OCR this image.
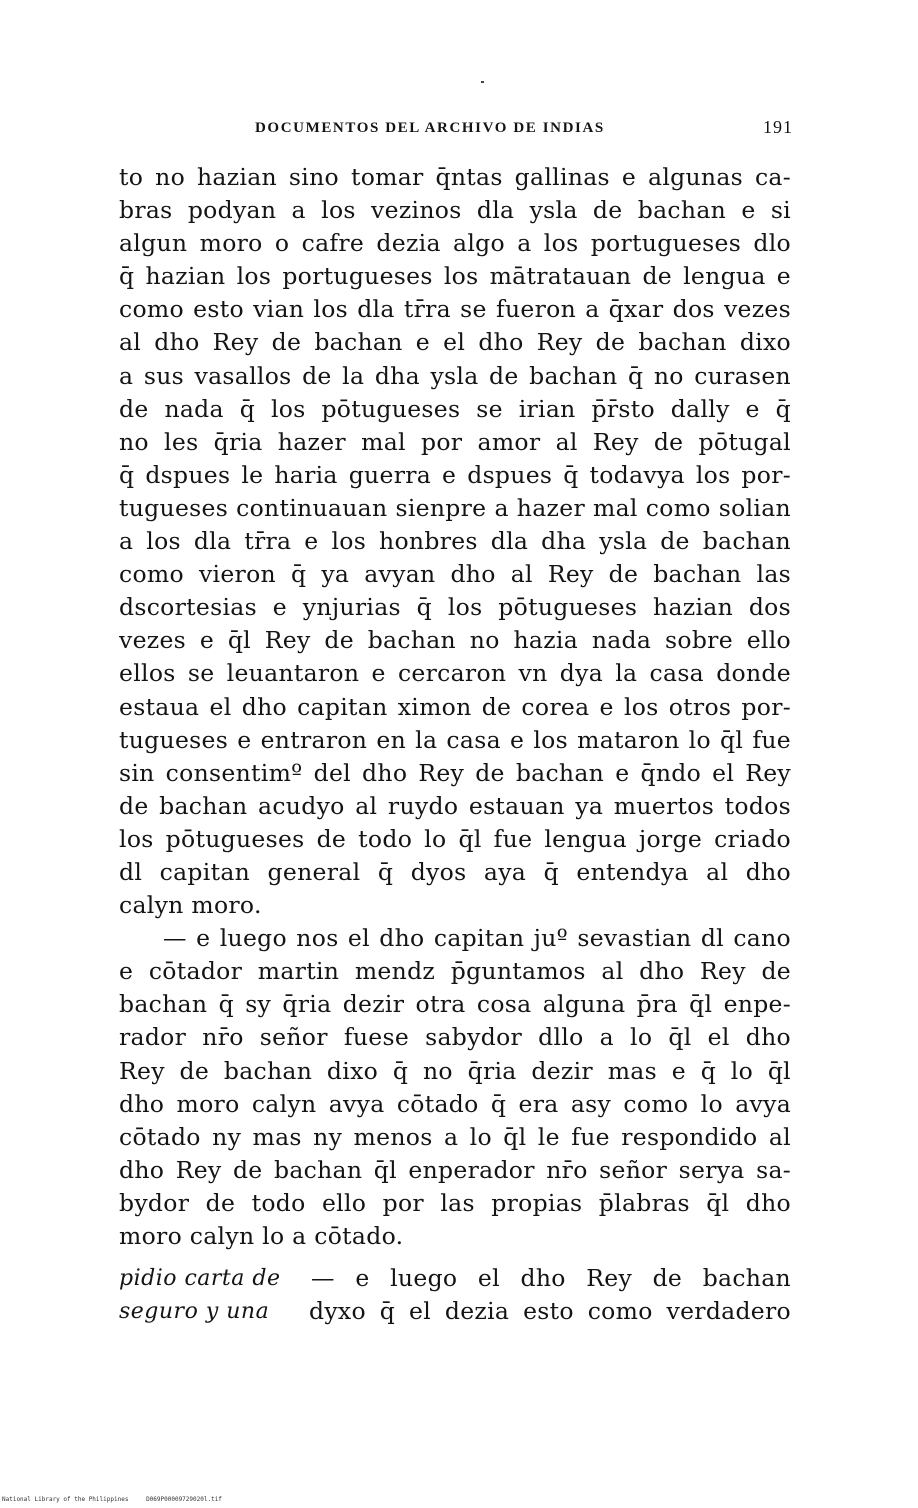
DOCUMENTOS DEL ARCHIVO DE INDIAS	191
to no hazian sino tomar q̄ntas gallinas e algunas ca-
bras podyan a los vezinos dla ysla de bachan e si
algun moro o cafre dezia algo a los portugueses dlo
q̄ hazian los portugueses los mātratauan de lengua e
como esto vian los dla tr̄ra se fueron a q̄xar dos vezes
al dho Rey de bachan e el dho Rey de bachan dixo
a sus vasallos de la dha ysla de bachan q̄ no curasen
de nada q̄ los pōtugueses se irian p̄r̄sto dally e q̄
no les q̄ria hazer mal por amor al Rey de pōtugal
q̄ dspues le haria guerra e dspues q̄ todavya los por-
tugueses continuauan sienpre a hazer mal como solian
a los dla tr̄ra e los honbres dla dha ysla de bachan
como vieron q̄ ya avyan dho al Rey de bachan las
dscortesias e ynjurias q̄ los pōtugueses hazian dos
vezes e q̄l Rey de bachan no hazia nada sobre ello
ellos se leuantaron e cercaron vn dya la casa donde
estaua el dho capitan ximon de corea e los otros por-
tugueses e entraron en la casa e los mataron lo q̄l fue
sin consentimº del dho Rey de bachan e q̄ndo el Rey
de bachan acudyo al ruydo estauan ya muertos todos
los pōtugueses de todo lo q̄l fue lengua jorge criado
dl capitan general q̄ dyos aya q̄ entendya al dho
calyn moro.
— e luego nos el dho capitan juº sevastian dl cano
e cōtador martin mendz p̄guntamos al dho Rey de
bachan q̄ sy q̄ria dezir otra cosa alguna p̄ra q̄l enpe-
rador nr̄o señor fuese sabydor dllo a lo q̄l el dho
Rey de bachan dixo q̄ no q̄ria dezir mas e q̄ lo q̄l
dho moro calyn avya cōtado q̄ era asy como lo avya
cōtado ny mas ny menos a lo q̄l le fue respondido al
dho Rey de bachan q̄l enperador nr̄o señor serya sa-
bydor de todo ello por las propias p̄labras q̄l dho
moro calyn lo a cōtado.
pidio carta de — e luego el dho Rey de bachan
seguro y una dyxo q̄ el dezia esto como verdadero
National Library of the Philippines	D069P00009729020l.tif
